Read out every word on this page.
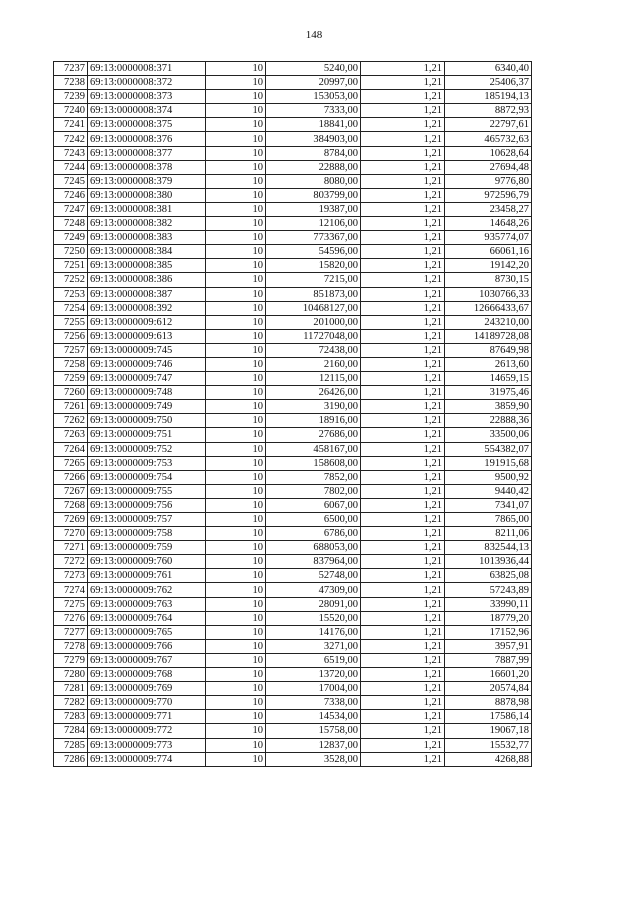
148
7237	69:13:0000008:371	10	5240,00	1,21	6340,40
7238	69:13:0000008:372	10	20997,00	1,21	25406,37
7239	69:13:0000008:373	10	153053,00	1,21	185194,13
7240	69:13:0000008:374	10	7333,00	1,21	8872,93
7241	69:13:0000008:375	10	18841,00	1,21	22797,61
7242	69:13:0000008:376	10	384903,00	1,21	465732,63
7243	69:13:0000008:377	10	8784,00	1,21	10628,64
7244	69:13:0000008:378	10	22888,00	1,21	27694,48
7245	69:13:0000008:379	10	8080,00	1,21	9776,80
7246	69:13:0000008:380	10	803799,00	1,21	972596,79
7247	69:13:0000008:381	10	19387,00	1,21	23458,27
7248	69:13:0000008:382	10	12106,00	1,21	14648,26
7249	69:13:0000008:383	10	773367,00	1,21	935774,07
7250	69:13:0000008:384	10	54596,00	1,21	66061,16
7251	69:13:0000008:385	10	15820,00	1,21	19142,20
7252	69:13:0000008:386	10	7215,00	1,21	8730,15
7253	69:13:0000008:387	10	851873,00	1,21	1030766,33
7254	69:13:0000008:392	10	10468127,00	1,21	12666433,67
7255	69:13:0000009:612	10	201000,00	1,21	243210,00
7256	69:13:0000009:613	10	11727048,00	1,21	14189728,08
7257	69:13:0000009:745	10	72438,00	1,21	87649,98
7258	69:13:0000009:746	10	2160,00	1,21	2613,60
7259	69:13:0000009:747	10	12115,00	1,21	14659,15
7260	69:13:0000009:748	10	26426,00	1,21	31975,46
7261	69:13:0000009:749	10	3190,00	1,21	3859,90
7262	69:13:0000009:750	10	18916,00	1,21	22888,36
7263	69:13:0000009:751	10	27686,00	1,21	33500,06
7264	69:13:0000009:752	10	458167,00	1,21	554382,07
7265	69:13:0000009:753	10	158608,00	1,21	191915,68
7266	69:13:0000009:754	10	7852,00	1,21	9500,92
7267	69:13:0000009:755	10	7802,00	1,21	9440,42
7268	69:13:0000009:756	10	6067,00	1,21	7341,07
7269	69:13:0000009:757	10	6500,00	1,21	7865,00
7270	69:13:0000009:758	10	6786,00	1,21	8211,06
7271	69:13:0000009:759	10	688053,00	1,21	832544,13
7272	69:13:0000009:760	10	837964,00	1,21	1013936,44
7273	69:13:0000009:761	10	52748,00	1,21	63825,08
7274	69:13:0000009:762	10	47309,00	1,21	57243,89
7275	69:13:0000009:763	10	28091,00	1,21	33990,11
7276	69:13:0000009:764	10	15520,00	1,21	18779,20
7277	69:13:0000009:765	10	14176,00	1,21	17152,96
7278	69:13:0000009:766	10	3271,00	1,21	3957,91
7279	69:13:0000009:767	10	6519,00	1,21	7887,99
7280	69:13:0000009:768	10	13720,00	1,21	16601,20
7281	69:13:0000009:769	10	17004,00	1,21	20574,84
7282	69:13:0000009:770	10	7338,00	1,21	8878,98
7283	69:13:0000009:771	10	14534,00	1,21	17586,14
7284	69:13:0000009:772	10	15758,00	1,21	19067,18
7285	69:13:0000009:773	10	12837,00	1,21	15532,77
7286	69:13:0000009:774	10	3528,00	1,21	4268,88
